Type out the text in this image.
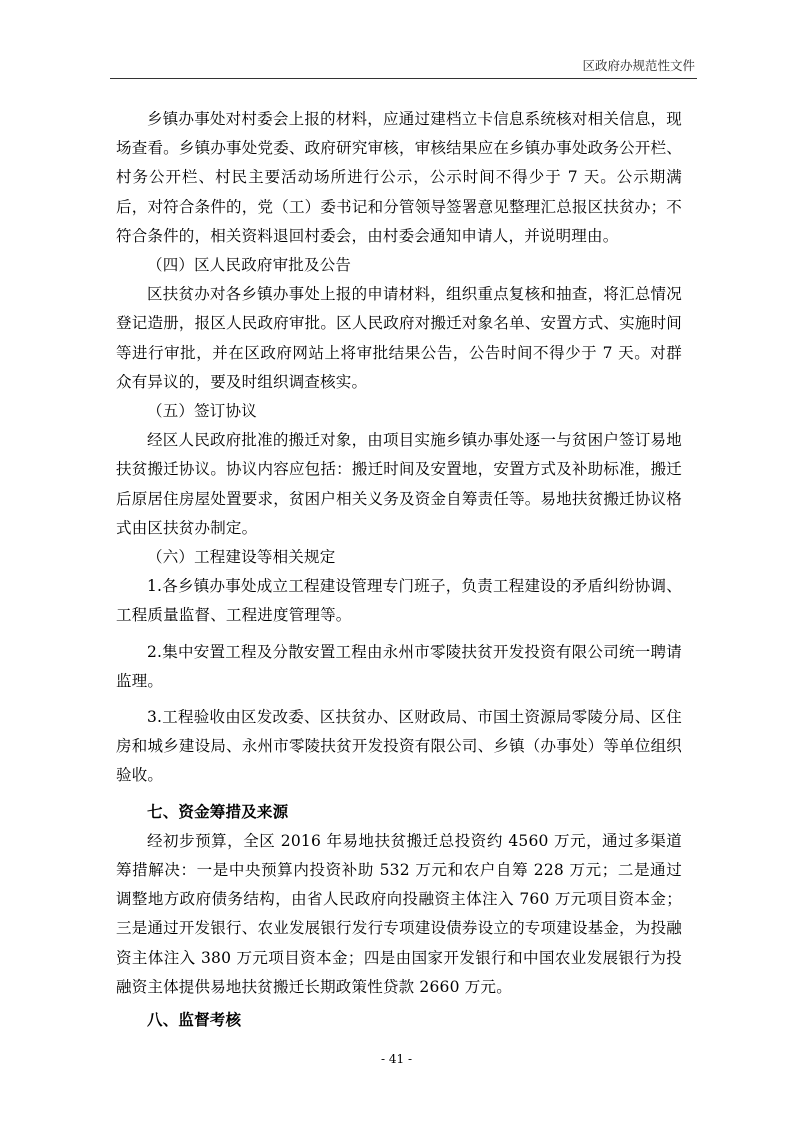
区政府办规范性文件

乡镇办事处对村委会上报的材料，应通过建档立卡信息系统核对相关信息，现场查看。乡镇办事处党委、政府研究审核，审核结果应在乡镇办事处政务公开栏、村务公开栏、村民主要活动场所进行公示，公示时间不得少于 7 天。公示期满后，对符合条件的，党（工）委书记和分管领导签署意见整理汇总报区扶贫办；不符合条件的，相关资料退回村委会，由村委会通知申请人，并说明理由。

（四）区人民政府审批及公告

区扶贫办对各乡镇办事处上报的申请材料，组织重点复核和抽查，将汇总情况登记造册，报区人民政府审批。区人民政府对搬迁对象名单、安置方式、实施时间等进行审批，并在区政府网站上将审批结果公告，公告时间不得少于 7 天。对群众有异议的，要及时组织调查核实。

（五）签订协议

经区人民政府批准的搬迁对象，由项目实施乡镇办事处逐一与贫困户签订易地扶贫搬迁协议。协议内容应包括：搬迁时间及安置地，安置方式及补助标准，搬迁后原居住房屋处置要求，贫困户相关义务及资金自筹责任等。易地扶贫搬迁协议格式由区扶贫办制定。

（六）工程建设等相关规定

1.各乡镇办事处成立工程建设管理专门班子，负责工程建设的矛盾纠纷协调、工程质量监督、工程进度管理等。

2.集中安置工程及分散安置工程由永州市零陵扶贫开发投资有限公司统一聘请监理。

3.工程验收由区发改委、区扶贫办、区财政局、市国土资源局零陵分局、区住房和城乡建设局、永州市零陵扶贫开发投资有限公司、乡镇（办事处）等单位组织验收。

七、资金筹措及来源

经初步预算，全区 2016 年易地扶贫搬迁总投资约 4560 万元，通过多渠道筹措解决：一是中央预算内投资补助 532 万元和农户自筹 228 万元；二是通过调整地方政府债务结构，由省人民政府向投融资主体注入 760 万元项目资本金；三是通过开发银行、农业发展银行发行专项建设债券设立的专项建设基金，为投融资主体注入 380 万元项目资本金；四是由国家开发银行和中国农业发展银行为投融资主体提供易地扶贫搬迁长期政策性贷款 2660 万元。

八、监督考核

- 41 -
